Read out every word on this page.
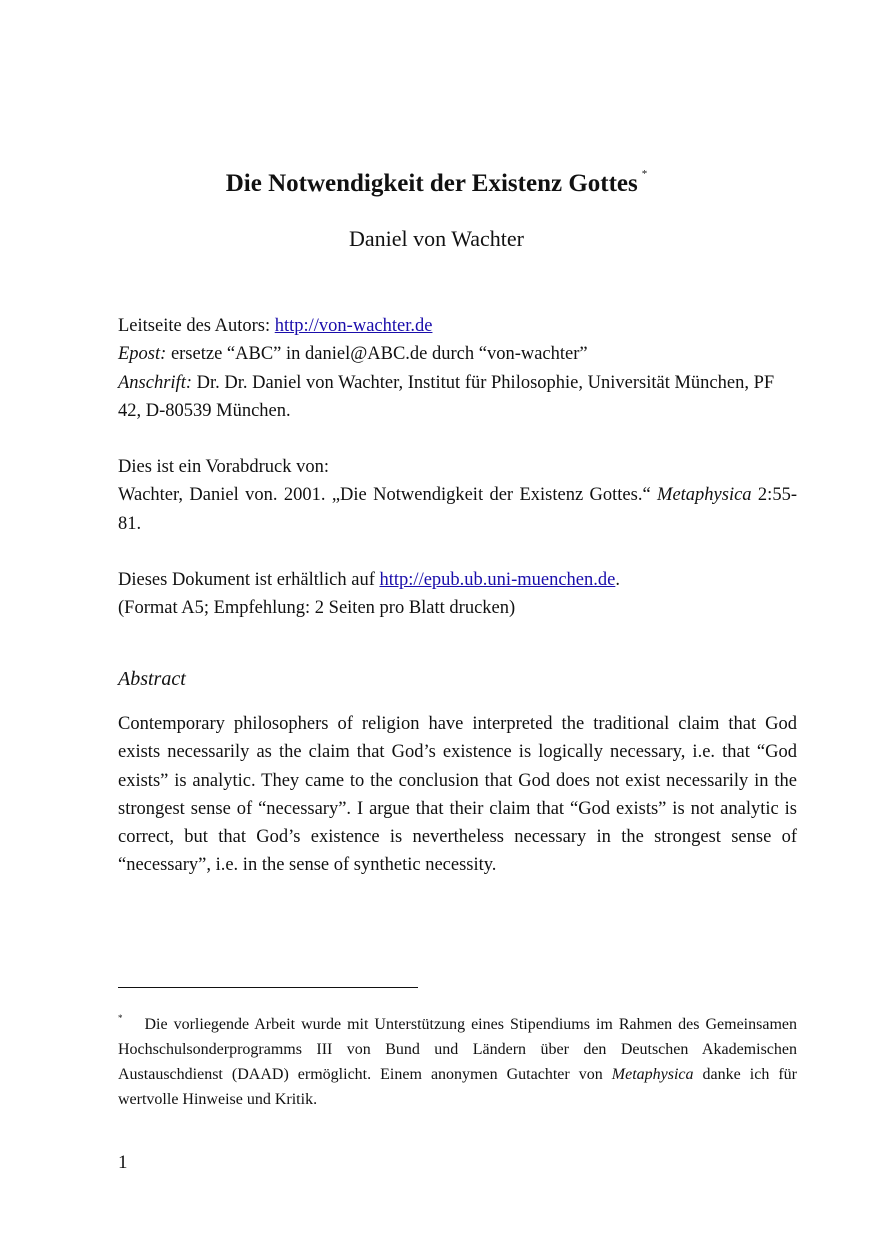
Die Notwendigkeit der Existenz Gottes *
Daniel von Wachter

Leitseite des Autors: http://von-wachter.de

Epost: ersetze “ABC” in daniel@ABC.de durch “von-wachter”

Anschrift: Dr. Dr. Daniel von Wachter, Institut für Philosophie, Universität München, PF 42, D-80539 München.

Dies ist ein Vorabdruck von:

Wachter, Daniel von. 2001. „Die Notwendigkeit der Existenz Gottes.“ Metaphysica 2:55-81.

Dieses Dokument ist erhältlich auf http://epub.ub.uni-muenchen.de.

(Format A5; Empfehlung: 2 Seiten pro Blatt drucken)

Abstract

Contemporary philosophers of religion have interpreted the traditional claim that God exists necessarily as the claim that God’s existence is logically necessary, i.e. that “God exists” is analytic. They came to the conclusion that God does not exist necessarily in the strongest sense of “necessary”. I argue that their claim that “God exists” is not analytic is correct, but that God’s existence is nevertheless necessary in the strongest sense of “necessary”, i.e. in the sense of synthetic necessity.

* Die vorliegende Arbeit wurde mit Unterstützung eines Stipendiums im Rahmen des Gemeinsamen Hochschulsonderprogramms III von Bund und Ländern über den Deutschen Akademischen Austauschdienst (DAAD) ermöglicht. Einem anonymen Gutachter von Metaphysica danke ich für wertvolle Hinweise und Kritik.

1
